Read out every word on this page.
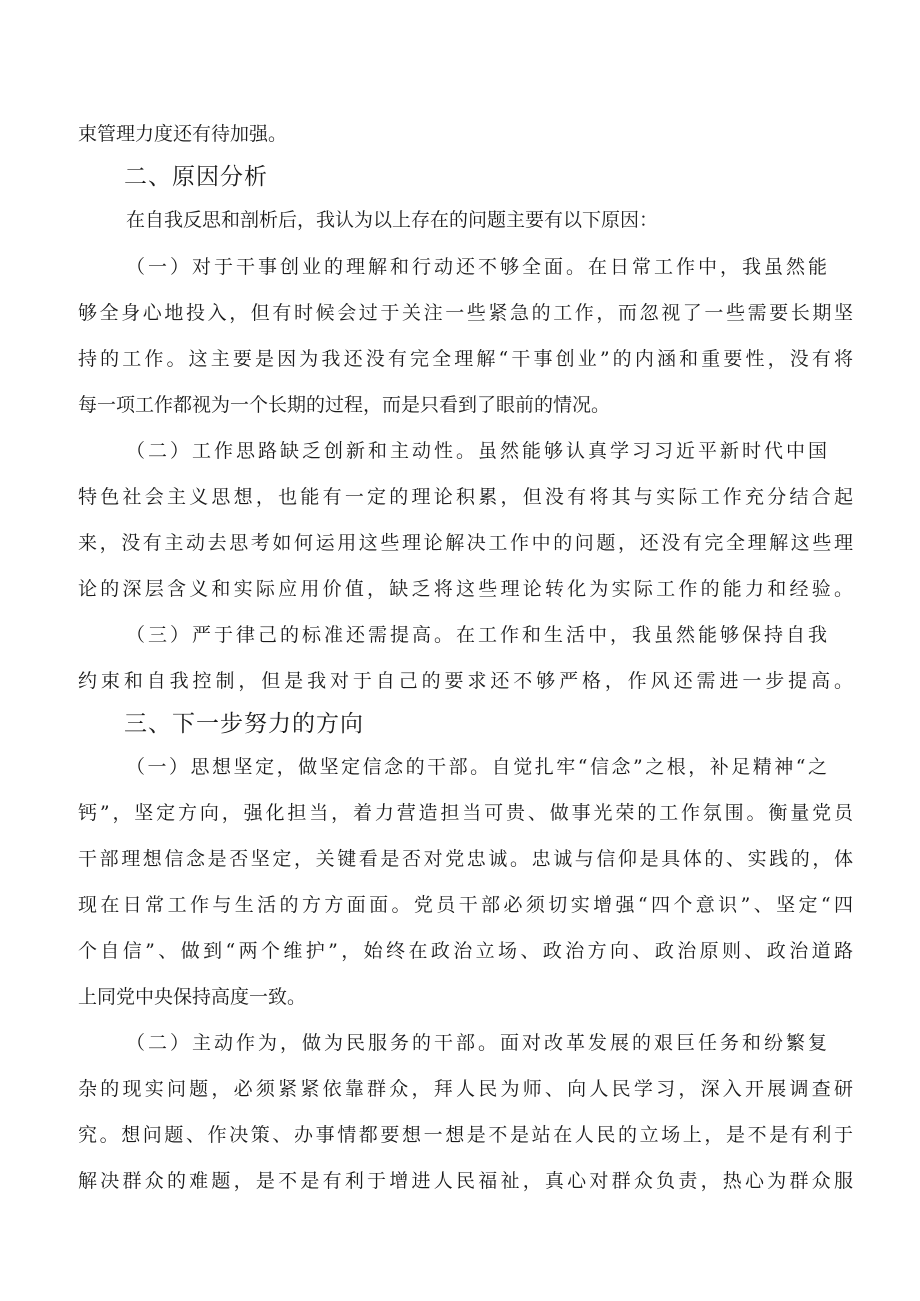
束管理力度还有待加强。
二、原因分析
在自我反思和剖析后，我认为以上存在的问题主要有以下原因：
（一）对于干事创业的理解和行动还不够全面。在日常工作中，我虽然能
够全身心地投入，但有时候会过于关注一些紧急的工作，而忽视了一些需要长期坚
持的工作。这主要是因为我还没有完全理解“干事创业”的内涵和重要性，没有将
每一项工作都视为一个长期的过程，而是只看到了眼前的情况。
（二）工作思路缺乏创新和主动性。虽然能够认真学习习近平新时代中国
特色社会主义思想，也能有一定的理论积累，但没有将其与实际工作充分结合起
来，没有主动去思考如何运用这些理论解决工作中的问题，还没有完全理解这些理
论的深层含义和实际应用价值，缺乏将这些理论转化为实际工作的能力和经验。
（三）严于律己的标准还需提高。在工作和生活中，我虽然能够保持自我
约束和自我控制，但是我对于自己的要求还不够严格，作风还需进一步提高。
三、下一步努力的方向
（一）思想坚定，做坚定信念的干部。自觉扎牢“信念”之根，补足精神“之
钙”，坚定方向，强化担当，着力营造担当可贵、做事光荣的工作氛围。衡量党员
干部理想信念是否坚定，关键看是否对党忠诚。忠诚与信仰是具体的、实践的，体
现在日常工作与生活的方方面面。党员干部必须切实增强“四个意识”、坚定“四
个自信”、做到“两个维护”，始终在政治立场、政治方向、政治原则、政治道路
上同党中央保持高度一致。
（二）主动作为，做为民服务的干部。面对改革发展的艰巨任务和纷繁复
杂的现实问题，必须紧紧依靠群众，拜人民为师、向人民学习，深入开展调查研
究。想问题、作决策、办事情都要想一想是不是站在人民的立场上，是不是有利于
解决群众的难题，是不是有利于增进人民福祉，真心对群众负责，热心为群众服
